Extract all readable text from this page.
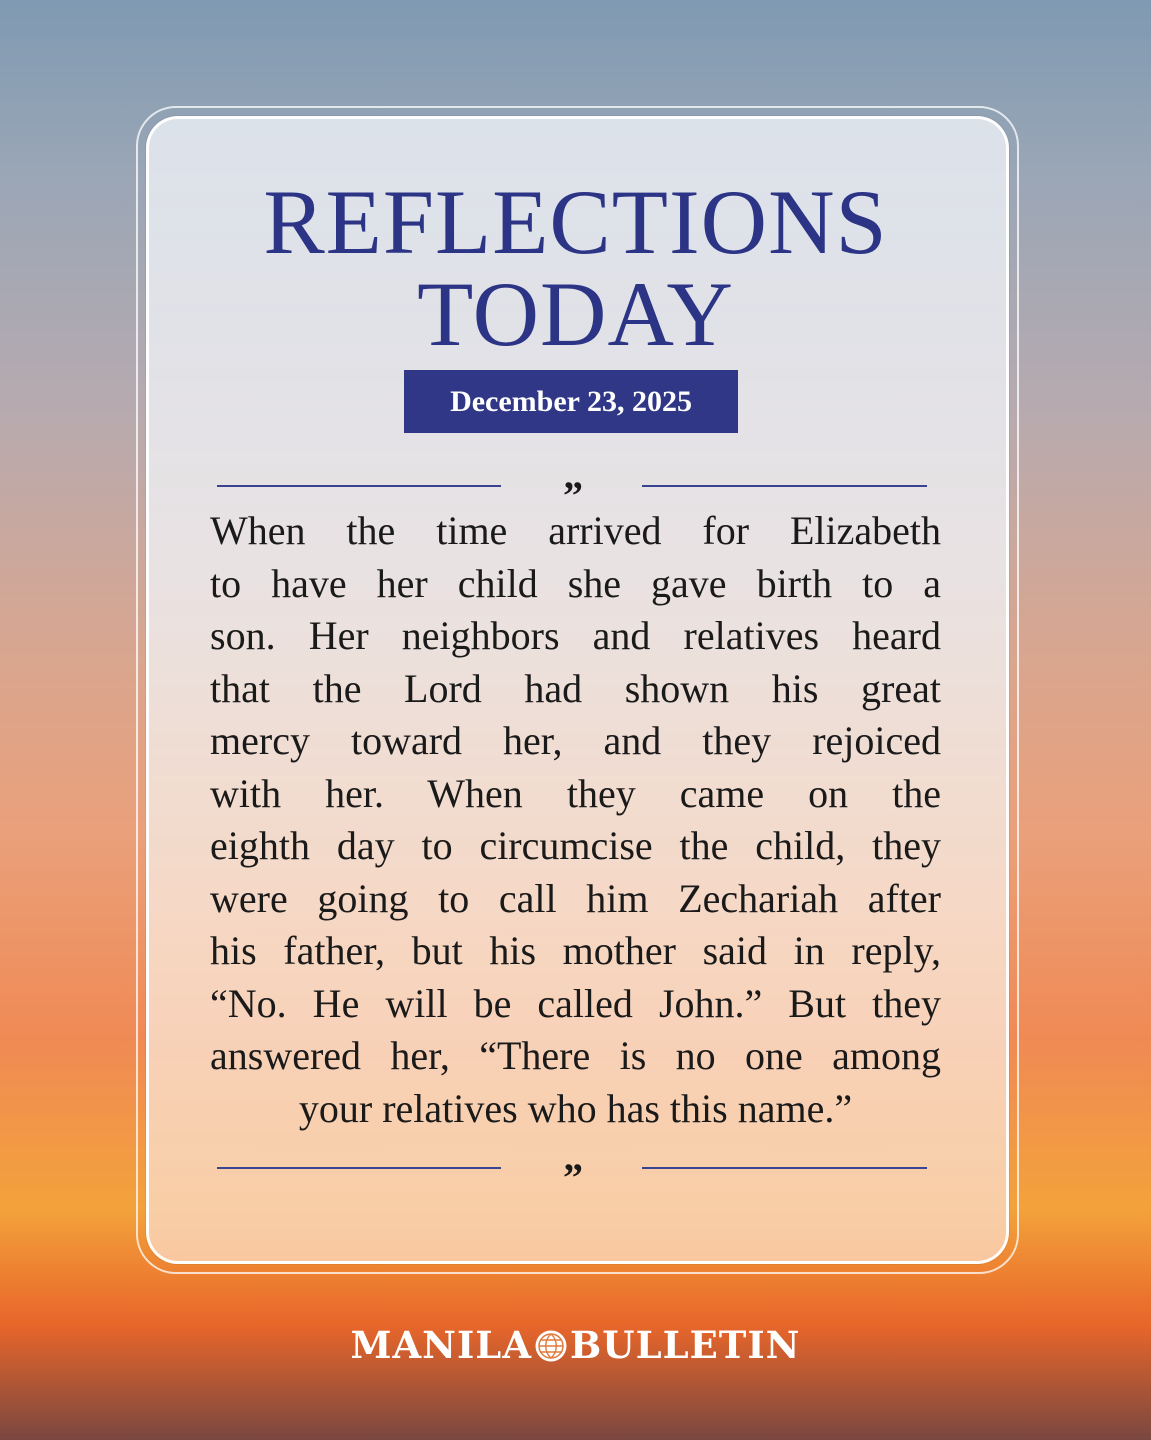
REFLECTIONS
TODAY
December 23, 2025
”
When the time arrived for Elizabeth
to have her child she gave birth to a
son. Her neighbors and relatives heard
that the Lord had shown his great
mercy toward her, and they rejoiced
with her. When they came on the
eighth day to circumcise the child, they
were going to call him Zechariah after
his father, but his mother said in reply,
“No. He will be called John.” But they
answered her, “There is no one among
your relatives who has this name.”
”
MANILA BULLETIN
